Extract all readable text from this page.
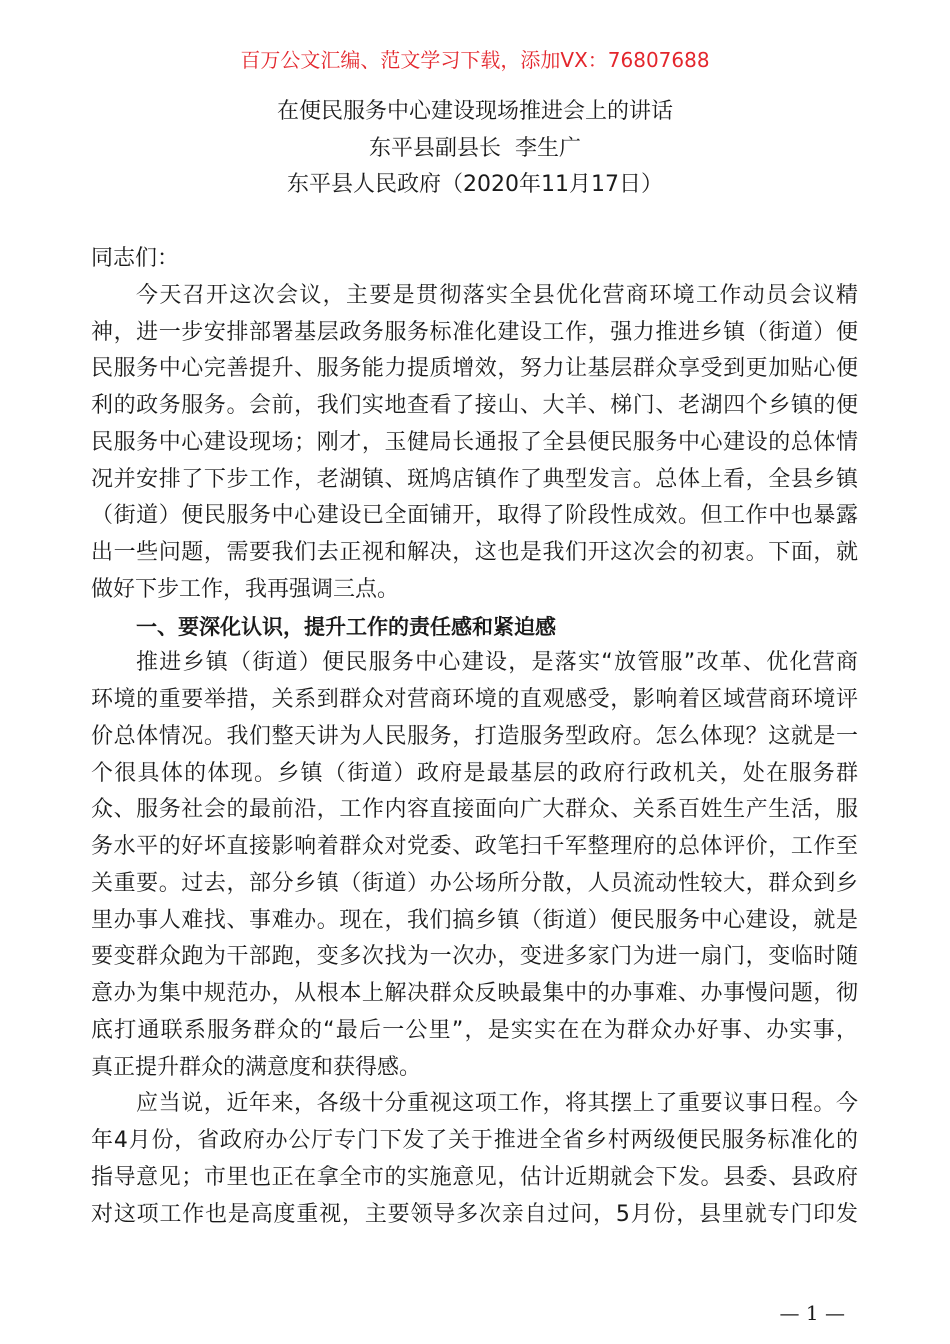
百万公文汇编、范文学习下载，添加VX：76807688
在便民服务中心建设现场推进会上的讲话
东平县副县长  李生广
东平县人民政府（2020年11月17日）
同志们：
今天召开这次会议，主要是贯彻落实全县优化营商环境工作动员会议精
神，进一步安排部署基层政务服务标准化建设工作，强力推进乡镇（街道）便
民服务中心完善提升、服务能力提质增效，努力让基层群众享受到更加贴心便
利的政务服务。会前，我们实地查看了接山、大羊、梯门、老湖四个乡镇的便
民服务中心建设现场；刚才，玉健局长通报了全县便民服务中心建设的总体情
况并安排了下步工作，老湖镇、斑鸠店镇作了典型发言。总体上看，全县乡镇
（街道）便民服务中心建设已全面铺开，取得了阶段性成效。但工作中也暴露
出一些问题，需要我们去正视和解决，这也是我们开这次会的初衷。下面，就
做好下步工作，我再强调三点。
一、要深化认识，提升工作的责任感和紧迫感
推进乡镇（街道）便民服务中心建设，是落实“放管服”改革、优化营商
环境的重要举措，关系到群众对营商环境的直观感受，影响着区域营商环境评
价总体情况。我们整天讲为人民服务，打造服务型政府。怎么体现？这就是一
个很具体的体现。乡镇（街道）政府是最基层的政府行政机关，处在服务群
众、服务社会的最前沿，工作内容直接面向广大群众、关系百姓生产生活，服
务水平的好坏直接影响着群众对党委、政笔扫千军整理府的总体评价，工作至
关重要。过去，部分乡镇（街道）办公场所分散，人员流动性较大，群众到乡
里办事人难找、事难办。现在，我们搞乡镇（街道）便民服务中心建设，就是
要变群众跑为干部跑，变多次找为一次办，变进多家门为进一扇门，变临时随
意办为集中规范办，从根本上解决群众反映最集中的办事难、办事慢问题，彻
底打通联系服务群众的“最后一公里”，是实实在在为群众办好事、办实事，
真正提升群众的满意度和获得感。
应当说，近年来，各级十分重视这项工作，将其摆上了重要议事日程。今
年4月份，省政府办公厅专门下发了关于推进全省乡村两级便民服务标准化的
指导意见；市里也正在拿全市的实施意见，估计近期就会下发。县委、县政府
对这项工作也是高度重视，主要领导多次亲自过问，5月份，县里就专门印发
— 1 —
